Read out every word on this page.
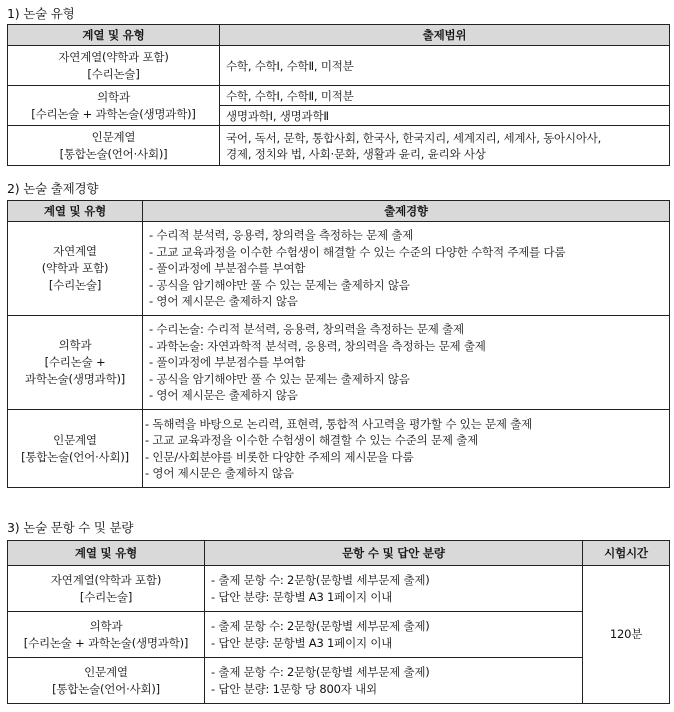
1) 논술 유형
계열 및 유형	출제범위

자연계열(약학과 포함)
[수리논술]	수학, 수학Ⅰ, 수학Ⅱ, 미적분

의학과
[수리논술 + 과학논술(생명과학)]	수학, 수학Ⅰ, 수학Ⅱ, 미적분
	생명과학Ⅰ, 생명과학Ⅱ

인문계열
[통합논술(언어·사회)]	국어, 독서, 문학, 통합사회, 한국사, 한국지리, 세계지리, 세계사, 동아시아사,
경제, 정치와 법, 사회·문화, 생활과 윤리, 윤리와 사상
2) 논술 출제경향
계열 및 유형	출제경향

자연계열
(약학과 포함)
[수리논술]	- 수리적 분석력, 응용력, 창의력을 측정하는 문제 출제
- 고교 교육과정을 이수한 수험생이 해결할 수 있는 수준의 다양한 수학적 주제를 다룸
- 풀이과정에 부분점수를 부여함
- 공식을 암기해야만 풀 수 있는 문제는 출제하지 않음
- 영어 제시문은 출제하지 않음

의학과
[수리논술 +
과학논술(생명과학)]	- 수리논술: 수리적 분석력, 응용력, 창의력을 측정하는 문제 출제
- 과학논술: 자연과학적 분석력, 응용력, 창의력을 측정하는 문제 출제
- 풀이과정에 부분점수를 부여함
- 공식을 암기해야만 풀 수 있는 문제는 출제하지 않음
- 영어 제시문은 출제하지 않음

인문계열
[통합논술(언어·사회)]	- 독해력을 바탕으로 논리력, 표현력, 통합적 사고력을 평가할 수 있는 문제 출제
- 고교 교육과정을 이수한 수험생이 해결할 수 있는 수준의 문제 출제
- 인문/사회분야를 비롯한 다양한 주제의 제시문을 다룸
- 영어 제시문은 출제하지 않음
3) 논술 문항 수 및 분량
계열 및 유형	문항 수 및 답안 분량	시험시간

자연계열(약학과 포함)
[수리논술]	- 출제 문항 수: 2문항(문항별 세부문제 출제)
- 답안 분량: 문항별 A3 1페이지 이내	120분

의학과
[수리논술 + 과학논술(생명과학)]	- 출제 문항 수: 2문항(문항별 세부문제 출제)
- 답안 분량: 문항별 A3 1페이지 이내	

인문계열
[통합논술(언어·사회)]	- 출제 문항 수: 2문항(문항별 세부문제 출제)
- 답안 분량: 1문항 당 800자 내외	
